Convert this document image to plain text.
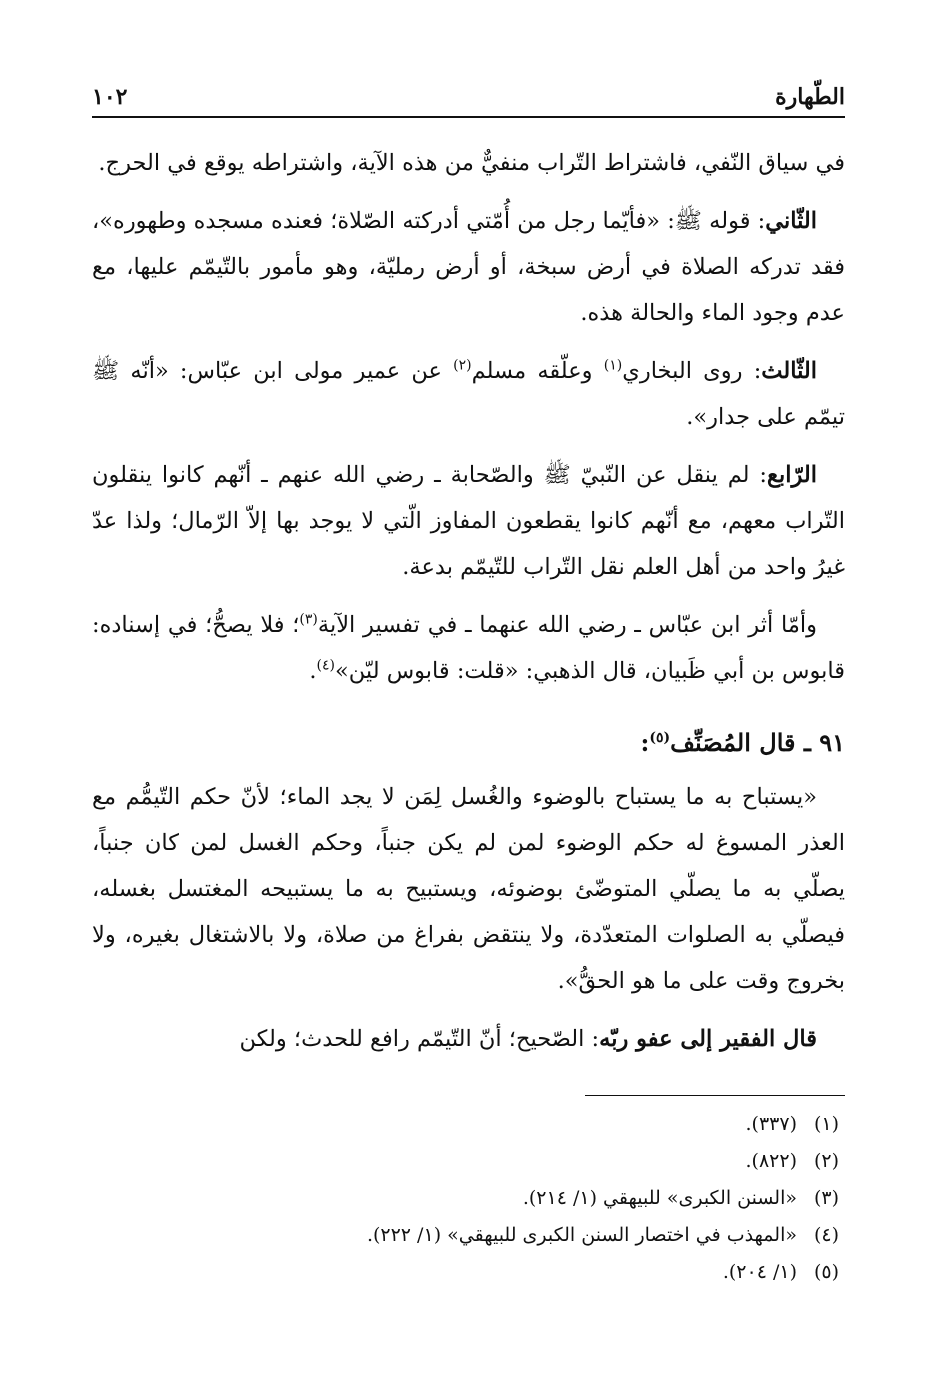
الطّهارة
١٠٢

في سياق النّفي، فاشتراط التّراب منفيٌّ من هذه الآية، واشتراطه يوقع في الحرج.

الثّاني: قوله ﷺ: «فأيّما رجل من أُمّتي أدركته الصّلاة؛ فعنده مسجده وطهوره»، فقد تدركه الصلاة في أرض سبخة، أو أرض رمليّة، وهو مأمور بالتّيمّم عليها، مع عدم وجود الماء والحالة هذه.

الثّالث: روى البخاري$^{(١)}$ وعلّقه مسلم$^{(٢)}$ عن عمير مولى ابن عبّاس: «أنّه ﷺ تيمّم على جدار».

الرّابع: لم ينقل عن النّبيّ ﷺ والصّحابة ـ رضي الله عنهم ـ أنّهم كانوا ينقلون التّراب معهم، مع أنّهم كانوا يقطعون المفاوز الّتي لا يوجد بها إلاّ الرّمال؛ ولذا عدّ غيرُ واحد من أهل العلم نقل التّراب للتّيمّم بدعة.

وأمّا أثر ابن عبّاس ـ رضي الله عنهما ـ في تفسير الآية$^{(٣)}$؛ فلا يصحُّ؛ في إسناده: قابوس بن أبي ظَبيان، قال الذهبي: «قلت: قابوس ليّن»$^{(٤)}$.

٩١ ـ قال المُصَنِّف$^{(٥)}$:

«يستباح به ما يستباح بالوضوء والغُسل لِمَن لا يجد الماء؛ لأنّ حكم التّيمُّم مع العذر المسوغ له حكم الوضوء لمن لم يكن جنباً، وحكم الغسل لمن كان جنباً، يصلّي به ما يصلّي المتوضّئ بوضوئه، ويستبيح به ما يستبيحه المغتسل بغسله، فيصلّي به الصلوات المتعدّدة، ولا ينتقض بفراغ من صلاة، ولا بالاشتغال بغيره، ولا بخروج وقت على ما هو الحقُّ».

قال الفقير إلى عفو ربّه: الصّحيح؛ أنّ التّيمّم رافع للحدث؛ ولكن

(١)
(٣٣٧).
(٢)
(٨٢٢).
(٣)
«السنن الكبرى» للبيهقي (١/ ٢١٤).
(٤)
«المهذب في اختصار السنن الكبرى للبيهقي» (١/ ٢٢٢).
(٥)
(١/ ٢٠٤).
